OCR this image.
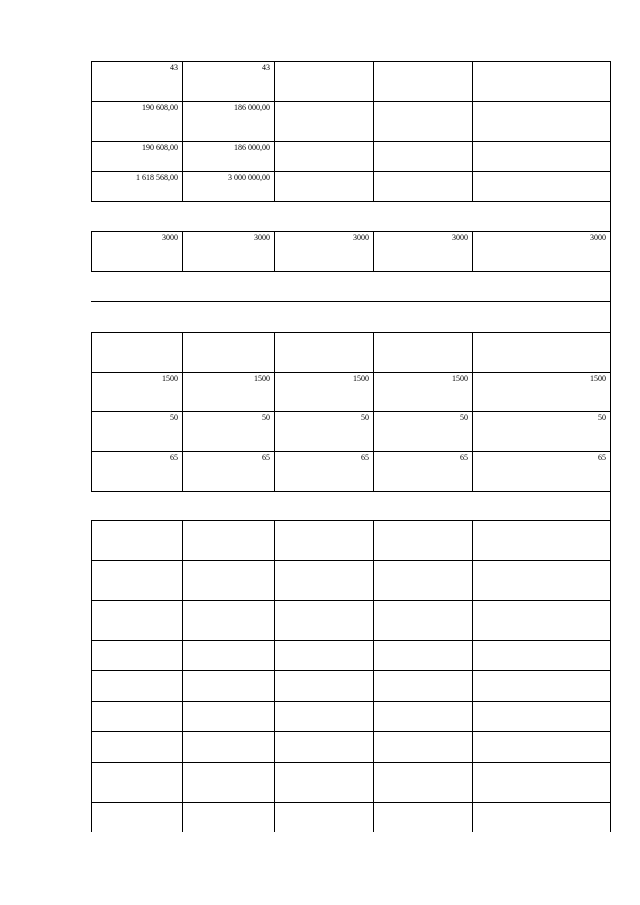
43	43
190 608,00	186 000,00
190 608,00	186 000,00
1 618 568,00	3 000 000,00
3000	3000	3000	3000	3000
1500	1500	1500	1500	1500
50	50	50	50	50
65	65	65	65	65
